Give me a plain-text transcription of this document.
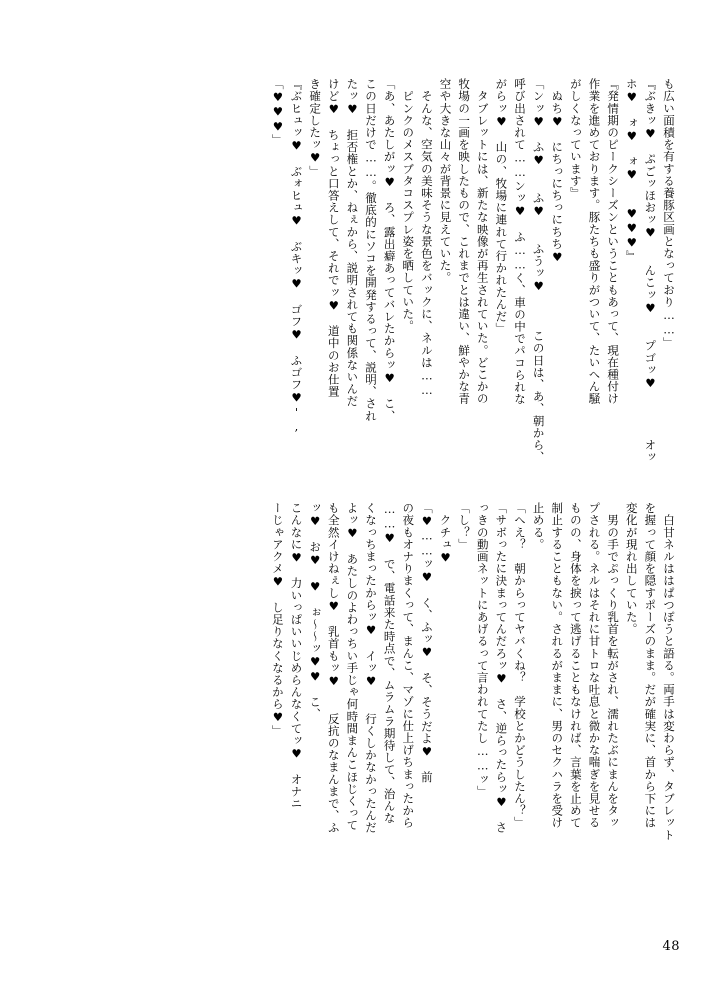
も広い面積を有する養豚区画となっており……」
『ぶきッ♥　ぷごッほおッ♥　　んこッ♥　　プゴッ♥　　　　オッ
ホ♥　ォ♥　ォ♥　　♥♥♥』
『発情期のピークシーズンということもあって、現在種付け
作業を進めております。豚たちも盛りがついて、たいへん騒
がしくなっています』
　ぬち♥　にちっにちっにちち♥
「ンッ♥　ふ♥　　ふ♥　　ふうッ♥　　　この日は、あ、朝から、
呼び出されて……ンッ♥　ふ……く、車の中でパコられな
がらッ♥　山の、牧場に連れて行かれたんだ」
　タブレットには、新たな映像が再生されていた。どこかの
牧場の一画を映したもので、これまでとは違い、鮮やかな青
空や大きな山々が背景に見えていた。
　そんな、空気の美味そうな景色をバックに、ネルは……
　ピンクのメスブタコスプレ姿を晒していた。
「あ、あたしがッ♥　ろ、露出癖あってバレたからッ♥　こ、
この日だけで……。徹底的にソコを開発するって、説明、され
たッ♥　拒否権とか、ねぇから、説明されても関係ないんだ
けど♥　ちょっと口答えして、それでッ♥　道中のお仕置
き確定したッ♥」
『ぶヒュッ♥　ぶォヒュ♥　ぶキッ♥　ゴフ♥　ふゴフ♥',
「♥♥♥」
　白甘ネルははぱつぽうと語る。両手は変わらず、タブレット
を握って顔を隠すポーズのまま。だが確実に、首から下には
変化が現れ出していた。
　男の手でぷっくり乳首を転がされ、濡れたぶにまんをタッ
プされる。ネルはそれに甘トロな吐息と微かな喘ぎを見せる
ものの、身体を捩って逃げることもなければ、言葉を止めて
制止することもない。されるがままに、男のセクハラを受け
止める。
「へえ？　朝からってヤバくね？　学校とかどうしたん？」
「サボったに決まってんだろッ♥　さ、逆らったらッ♥　さ
っきの動画ネットにあげるって言われてたし……ッ」
「し？」
　クチュ♥
「♥……ッ♥　く、ふッ♥　そ、そうだよ♥　前
の夜もオナりまくって、まんこ、マゾに仕上げちまったから
……♥　で、電話来た時点で、ムラムラ期待して、治んな
くなっちまったからッ♥　イッ♥　　行くしかなかったんだ
よッ♥　あたしのよわっちい手じゃ何時間まんこほじくって
も全然イけねぇし♥　乳首もッ♥　　反抗のなまんまで、ふ
ッ♥　お♥　♥　ぉ～～ッ♥♥　こ、
こんなに♥　力いっぱいいじめらんなくてッ♥　オナニ
ーじゃアクメ♥　し足りなくなるから♥」
48
